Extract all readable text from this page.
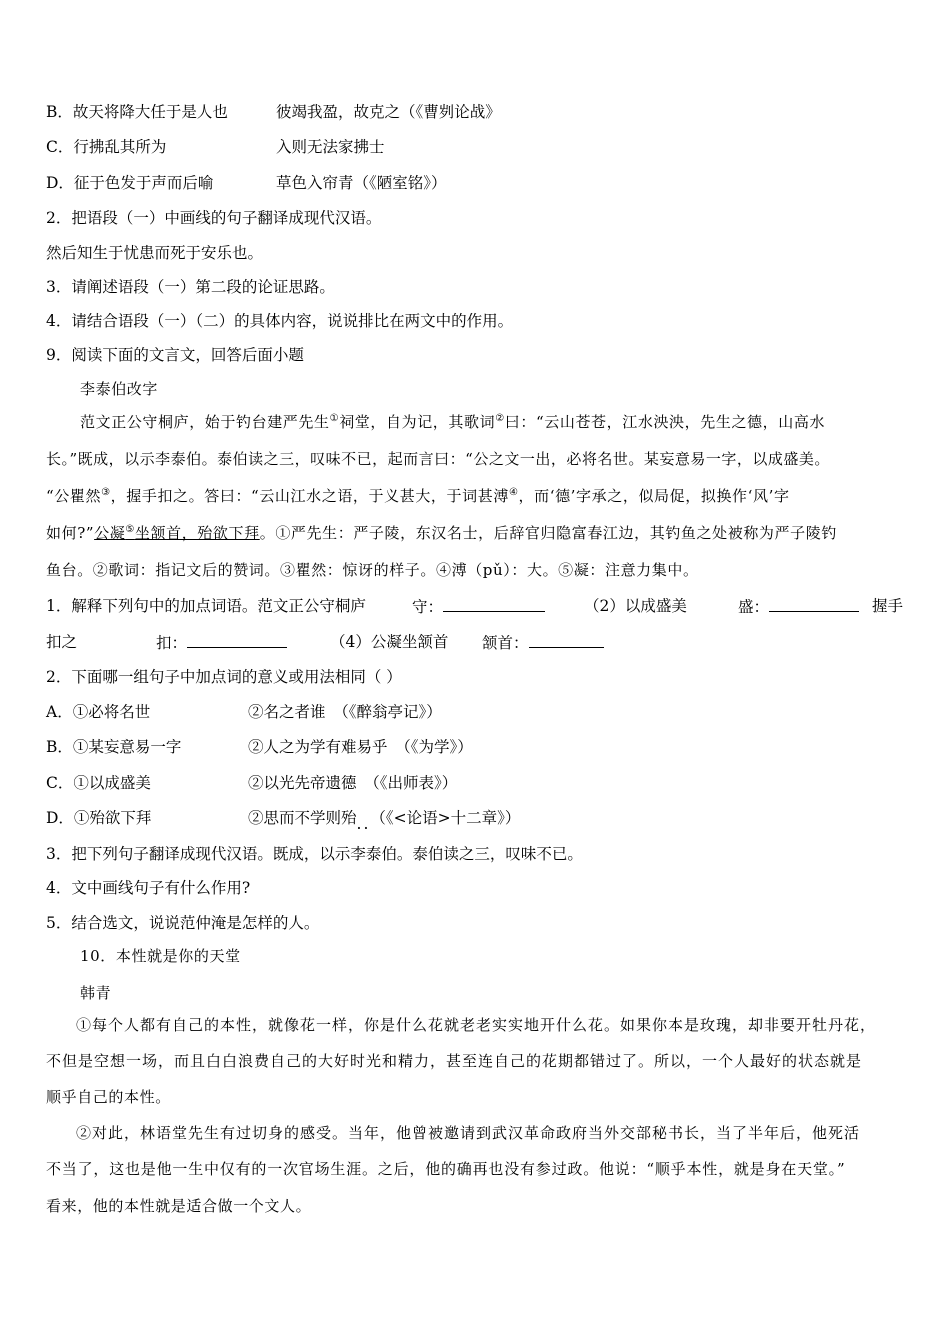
B．故天将降大任于是人也	彼竭我盈，故克之（《曹刿论战》
C．行拂乱其所为	入则无法家拂士
D．征于色发于声而后喻	草色入帘青（《陋室铭》）
2．把语段（一）中画线的句子翻译成现代汉语。
然后知生于忧患而死于安乐也。
3．请阐述语段（一）第二段的论证思路。
4．请结合语段（一）（二）的具体内容，说说排比在两文中的作用。
9．阅读下面的文言文，回答后面小题
李泰伯改字
范文正公守桐庐，始于钓台建严先生①祠堂，自为记，其歌词②曰：“云山苍苍，江水泱泱，先生之德，山高水
长。”既成，以示李泰伯。泰伯读之三，叹味不已，起而言曰：“公之文一出，必将名世。某妄意易一字，以成盛美。
“公瞿然③，握手扣之。答曰：“云山江水之语，于义甚大，于词甚溥④，而‘德’字承之，似局促，拟换作‘风’字
如何?”公凝⑤坐颔首，殆欲下拜。①严先生：严子陵，东汉名士，后辞官归隐富春江边，其钓鱼之处被称为严子陵钓
鱼台。②歌词：指记文后的赞词。③瞿然：惊讶的样子。④溥（pǔ）：大。⑤凝：注意力集中。
1．解释下列句中的加点词语。范文正公守桐庐	守：	（2）以成盛美	盛：	握手
扣之	扣：	（4）公凝坐颔首 颔首：
2．下面哪一组句子中加点词的意义或用法相同（ ）
A．①必将名世	②名之者谁　（《醉翁亭记》）
B．①某妄意易一字	②人之为学有难易乎　（《为学》）
C．①以成盛美	②以光先帝遗德　（《出师表》）
D．①殆欲下拜	②思而不学则殆..（《<论语>十二章》）
3．把下列句子翻译成现代汉语。既成，以示李泰伯。泰伯读之三，叹味不已。
4．文中画线句子有什么作用?
5．结合选文，说说范仲淹是怎样的人。
10．本性就是你的天堂
韩青
①每个人都有自己的本性，就像花一样，你是什么花就老老实实地开什么花。如果你本是玫瑰，却非要开牡丹花，
不但是空想一场，而且白白浪费自己的大好时光和精力，甚至连自己的花期都错过了。所以，一个人最好的状态就是
顺乎自己的本性。
②对此，林语堂先生有过切身的感受。当年，他曾被邀请到武汉革命政府当外交部秘书长，当了半年后，他死活
不当了，这也是他一生中仅有的一次官场生涯。之后，他的确再也没有参过政。他说：“顺乎本性，就是身在天堂。”
看来，他的本性就是适合做一个文人。
